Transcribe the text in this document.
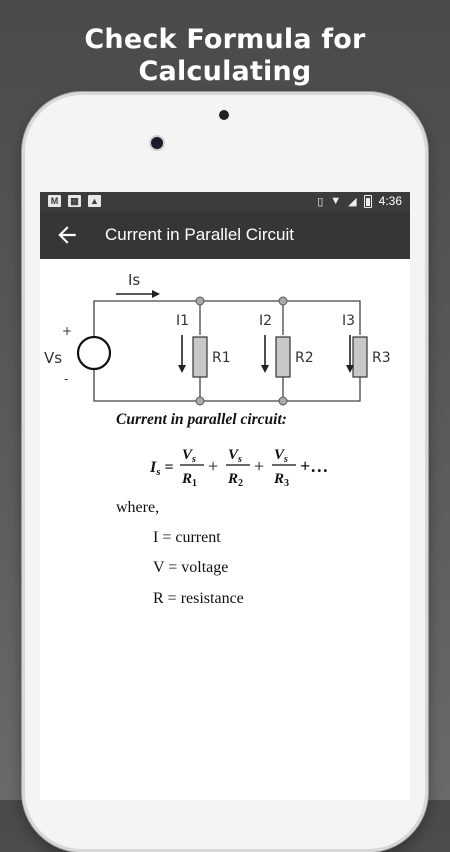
Check Formula for Calculating
M	▦ ▲	▯ ▼ ◢ 4:36
Current in Parallel Circuit
Vs
+
-
Is
R1
I1
R2
I2
R3
I3
Current in parallel circuit:
Is =
$V_s$
$R_1$
+
$V_s$
$R_2$
+
$V_s$
$R_3$
+…
where,
I = current
V = voltage
R = resistance
